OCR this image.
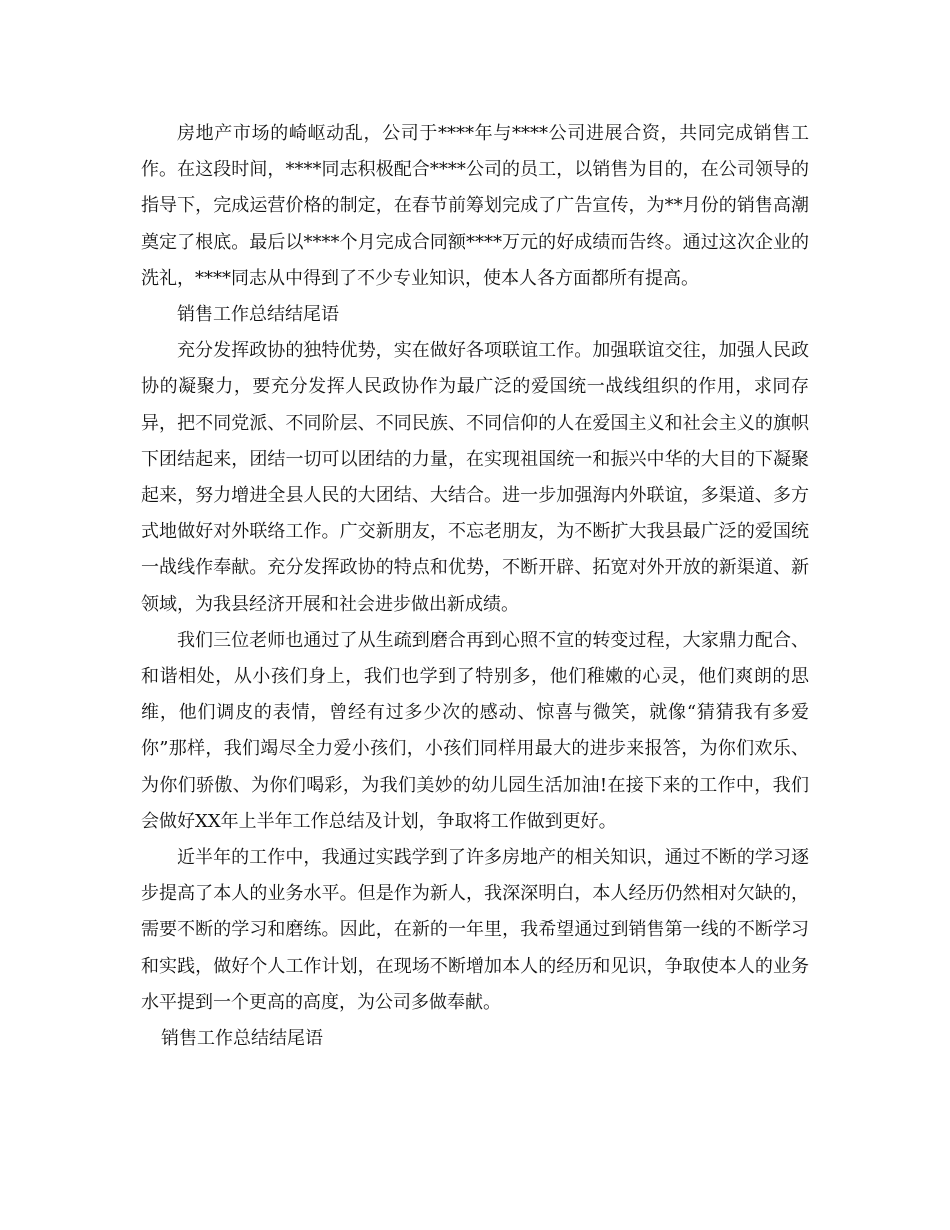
房地产市场的崎岖动乱，公司于****年与****公司进展合资，共同完成销售工作。在这段时间，****同志积极配合****公司的员工，以销售为目的，在公司领导的指导下，完成运营价格的制定，在春节前筹划完成了广告宣传，为**月份的销售高潮奠定了根底。最后以****个月完成合同额****万元的好成绩而告终。通过这次企业的洗礼，****同志从中得到了不少专业知识，使本人各方面都所有提高。

销售工作总结结尾语

充分发挥政协的独特优势，实在做好各项联谊工作。加强联谊交往，加强人民政协的凝聚力，要充分发挥人民政协作为最广泛的爱国统一战线组织的作用，求同存异，把不同党派、不同阶层、不同民族、不同信仰的人在爱国主义和社会主义的旗帜下团结起来，团结一切可以团结的力量，在实现祖国统一和振兴中华的大目的下凝聚起来，努力增进全县人民的大团结、大结合。进一步加强海内外联谊，多渠道、多方式地做好对外联络工作。广交新朋友，不忘老朋友，为不断扩大我县最广泛的爱国统一战线作奉献。充分发挥政协的特点和优势，不断开辟、拓宽对外开放的新渠道、新领域，为我县经济开展和社会进步做出新成绩。

我们三位老师也通过了从生疏到磨合再到心照不宣的转变过程，大家鼎力配合、和谐相处，从小孩们身上，我们也学到了特别多，他们稚嫩的心灵，他们爽朗的思维，他们调皮的表情，曾经有过多少次的感动、惊喜与微笑，就像“猜猜我有多爱你”那样，我们竭尽全力爱小孩们，小孩们同样用最大的进步来报答，为你们欢乐、为你们骄傲、为你们喝彩，为我们美妙的幼儿园生活加油!在接下来的工作中，我们会做好XX年上半年工作总结及计划，争取将工作做到更好。

近半年的工作中，我通过实践学到了许多房地产的相关知识，通过不断的学习逐步提高了本人的业务水平。但是作为新人，我深深明白，本人经历仍然相对欠缺的，需要不断的学习和磨练。因此，在新的一年里，我希望通过到销售第一线的不断学习和实践，做好个人工作计划，在现场不断增加本人的经历和见识，争取使本人的业务水平提到一个更高的高度，为公司多做奉献。

销售工作总结结尾语
